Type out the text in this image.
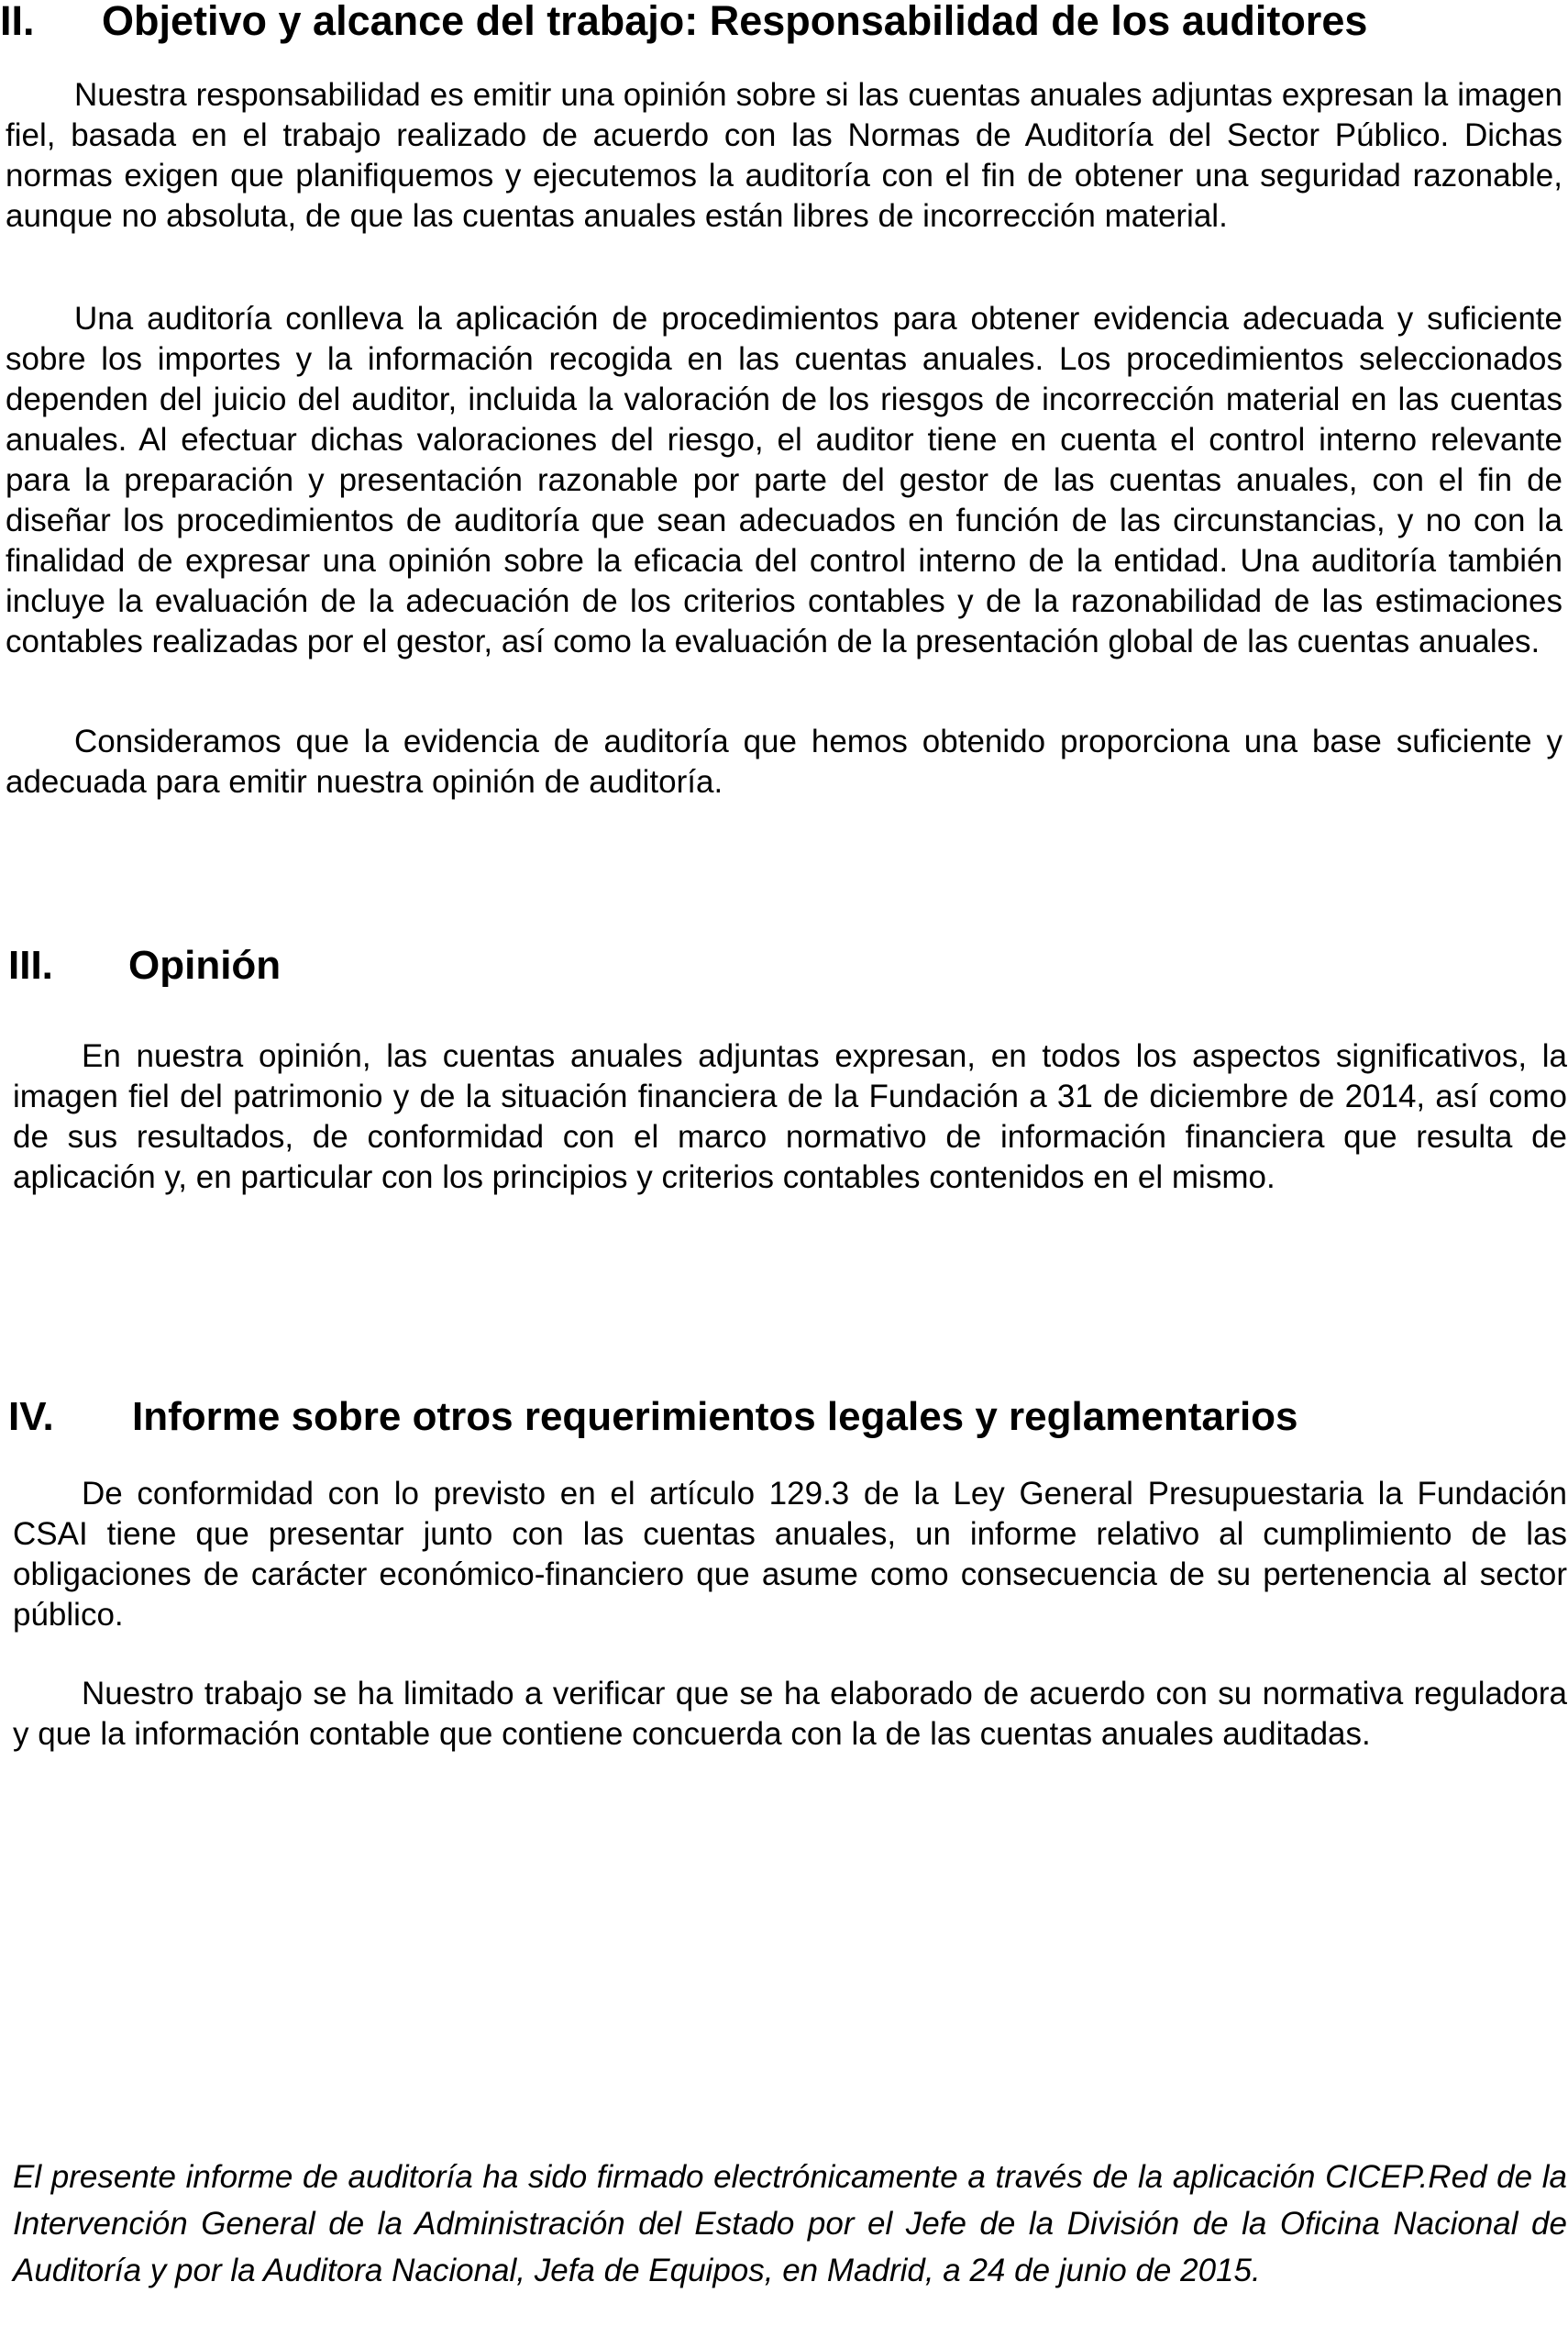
II. Objetivo y alcance del trabajo: Responsabilidad de los auditores

Nuestra responsabilidad es emitir una opinión sobre si las cuentas anuales adjuntas expresan la imagen fiel, basada en el trabajo realizado de acuerdo con las Normas de Auditoría del Sector Público. Dichas normas exigen que planifiquemos y ejecutemos la auditoría con el fin de obtener una seguridad razonable, aunque no absoluta, de que las cuentas anuales están libres de incorrección material.

Una auditoría conlleva la aplicación de procedimientos para obtener evidencia adecuada y suficiente sobre los importes y la información recogida en las cuentas anuales. Los procedimientos seleccionados dependen del juicio del auditor, incluida la valoración de los riesgos de incorrección material en las cuentas anuales. Al efectuar dichas valoraciones del riesgo, el auditor tiene en cuenta el control interno relevante para la preparación y presentación razonable por parte del gestor de las cuentas anuales, con el fin de diseñar los procedimientos de auditoría que sean adecuados en función de las circunstancias, y no con la finalidad de expresar una opinión sobre la eficacia del control interno de la entidad. Una auditoría también incluye la evaluación de la adecuación de los criterios contables y de la razonabilidad de las estimaciones contables realizadas por el gestor, así como la evaluación de la presentación global de las cuentas anuales.

Consideramos que la evidencia de auditoría que hemos obtenido proporciona una base suficiente y adecuada para emitir nuestra opinión de auditoría.

III. Opinión

En nuestra opinión, las cuentas anuales adjuntas expresan, en todos los aspectos significativos, la imagen fiel del patrimonio y de la situación financiera de la Fundación a 31 de diciembre de 2014, así como de sus resultados, de conformidad con el marco normativo de información financiera que resulta de aplicación y, en particular con los principios y criterios contables contenidos en el mismo.

IV. Informe sobre otros requerimientos legales y reglamentarios

De conformidad con lo previsto en el artículo 129.3 de la Ley General Presupuestaria la Fundación CSAI tiene que presentar junto con las cuentas anuales, un informe relativo al cumplimiento de las obligaciones de carácter económico-financiero que asume como consecuencia de su pertenencia al sector público.

Nuestro trabajo se ha limitado a verificar que se ha elaborado de acuerdo con su normativa reguladora y que la información contable que contiene concuerda con la de las cuentas anuales auditadas.

El presente informe de auditoría ha sido firmado electrónicamente a través de la aplicación CICEP.Red de la Intervención General de la Administración del Estado por el Jefe de la División de la Oficina Nacional de Auditoría y por la Auditora Nacional, Jefa de Equipos, en Madrid, a 24 de junio de 2015.
